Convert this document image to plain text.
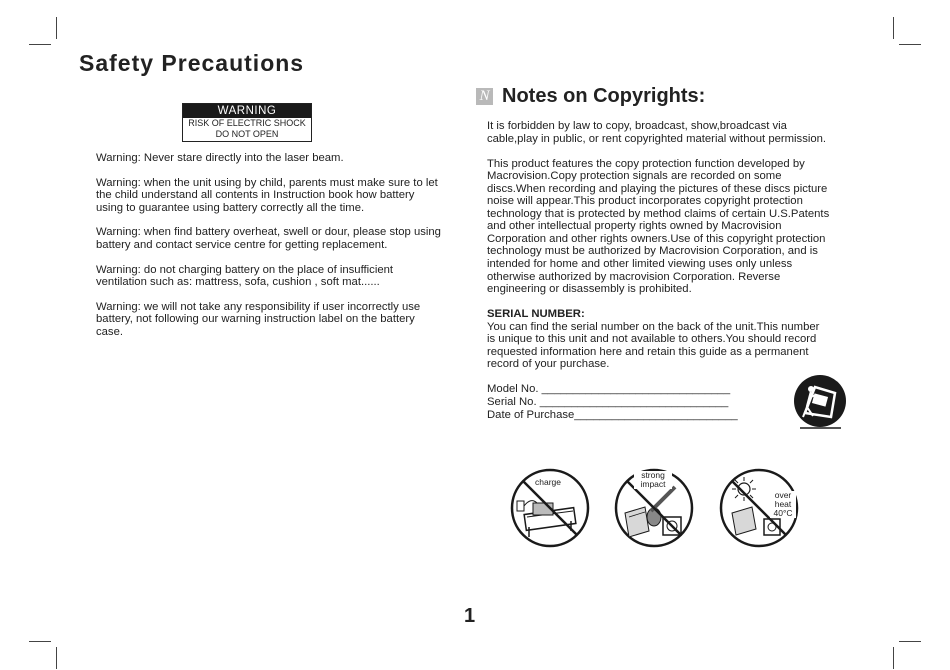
Safety Precautions
WARNING
RISK OF ELECTRIC SHOCK
DO NOT OPEN

Warning: Never stare directly into the laser beam.

Warning: when the unit using by child, parents must make sure to let the child understand all contents in Instruction book how battery using to guarantee using battery correctly all the time.

Warning: when find battery overheat, swell or dour, please stop using battery and contact service centre for getting replacement.

Warning: do not charging battery on the place of insufficient ventilation such as: mattress, sofa, cushion , soft mat......

Warning: we will not take any responsibility if user incorrectly use battery, not following our warning instruction label on the battery case.

N Notes on Copyrights:

It is forbidden by law to copy, broadcast, show,broadcast via
cable,play in public, or rent copyrighted material without permission.

This product features the copy protection function developed by
Macrovision.Copy protection signals are recorded on some
discs.When recording and playing the pictures of these discs picture
noise will appear.This product incorporates copyright protection
technology that is protected by method claims of certain U.S.Patents
and other intellectual property rights owned by Macrovision
Corporation and other rights owners.Use of this copyright protection
technology must be authorized by Macrovision Corporation, and is
intended for home and other limited viewing uses only unless
otherwise authorized by macrovision Corporation. Reverse
engineering or disassembly is prohibited.

SERIAL NUMBER:

You can find the serial number on the back of the unit.This number
is unique to this unit and not available to others.You should record
requested information here and retain this guide as a permanent
record of your purchase.

Model No. ______________________________

Serial No. ______________________________

Date of Purchase__________________________

charge
strong
impact
over
heat
40°C
1
